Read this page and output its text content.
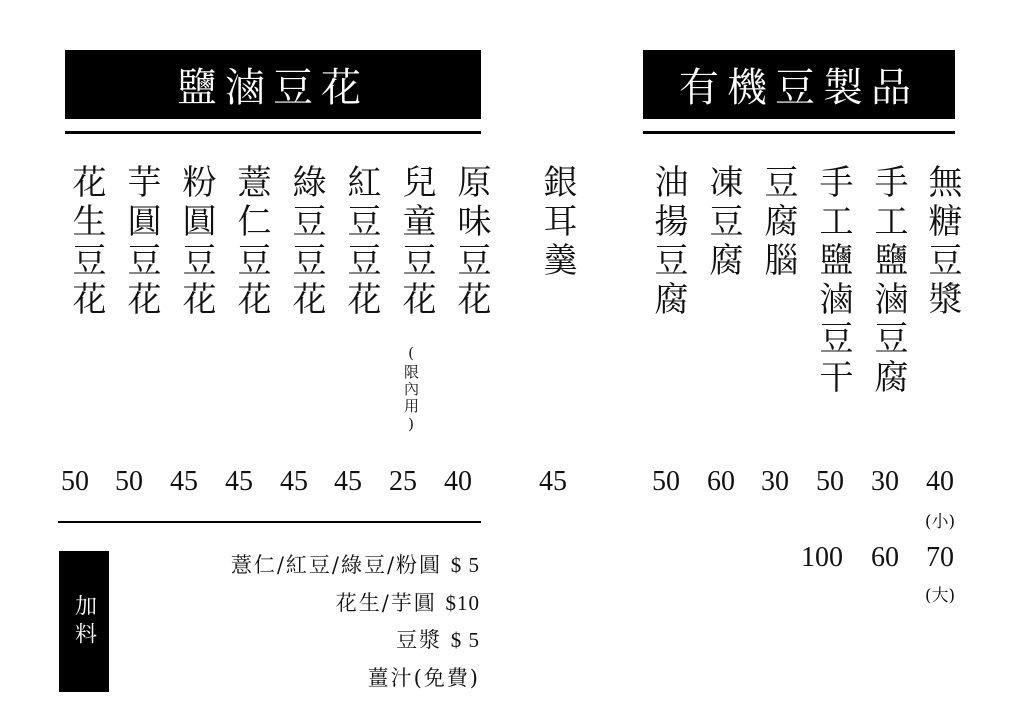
鹽滷豆花
花生豆花 芋圓豆花 粉圓豆花 薏仁豆花 綠豆豆花 紅豆豆花 兒童豆花
(限內用)
原味豆花
50 50 45 45 45 45 25 40
銀耳羹
45
有機豆製品
油揚豆腐 凍豆腐 豆腐腦 手工鹽滷豆干 手工鹽滷豆腐 無糖豆漿
50 60 30 50 30 40
(小)
100	60 70
(大)
加料
薏仁/紅豆/綠豆/粉圓 $ 5
花生/芋圓 $10
豆漿 $ 5
薑汁(免費)
